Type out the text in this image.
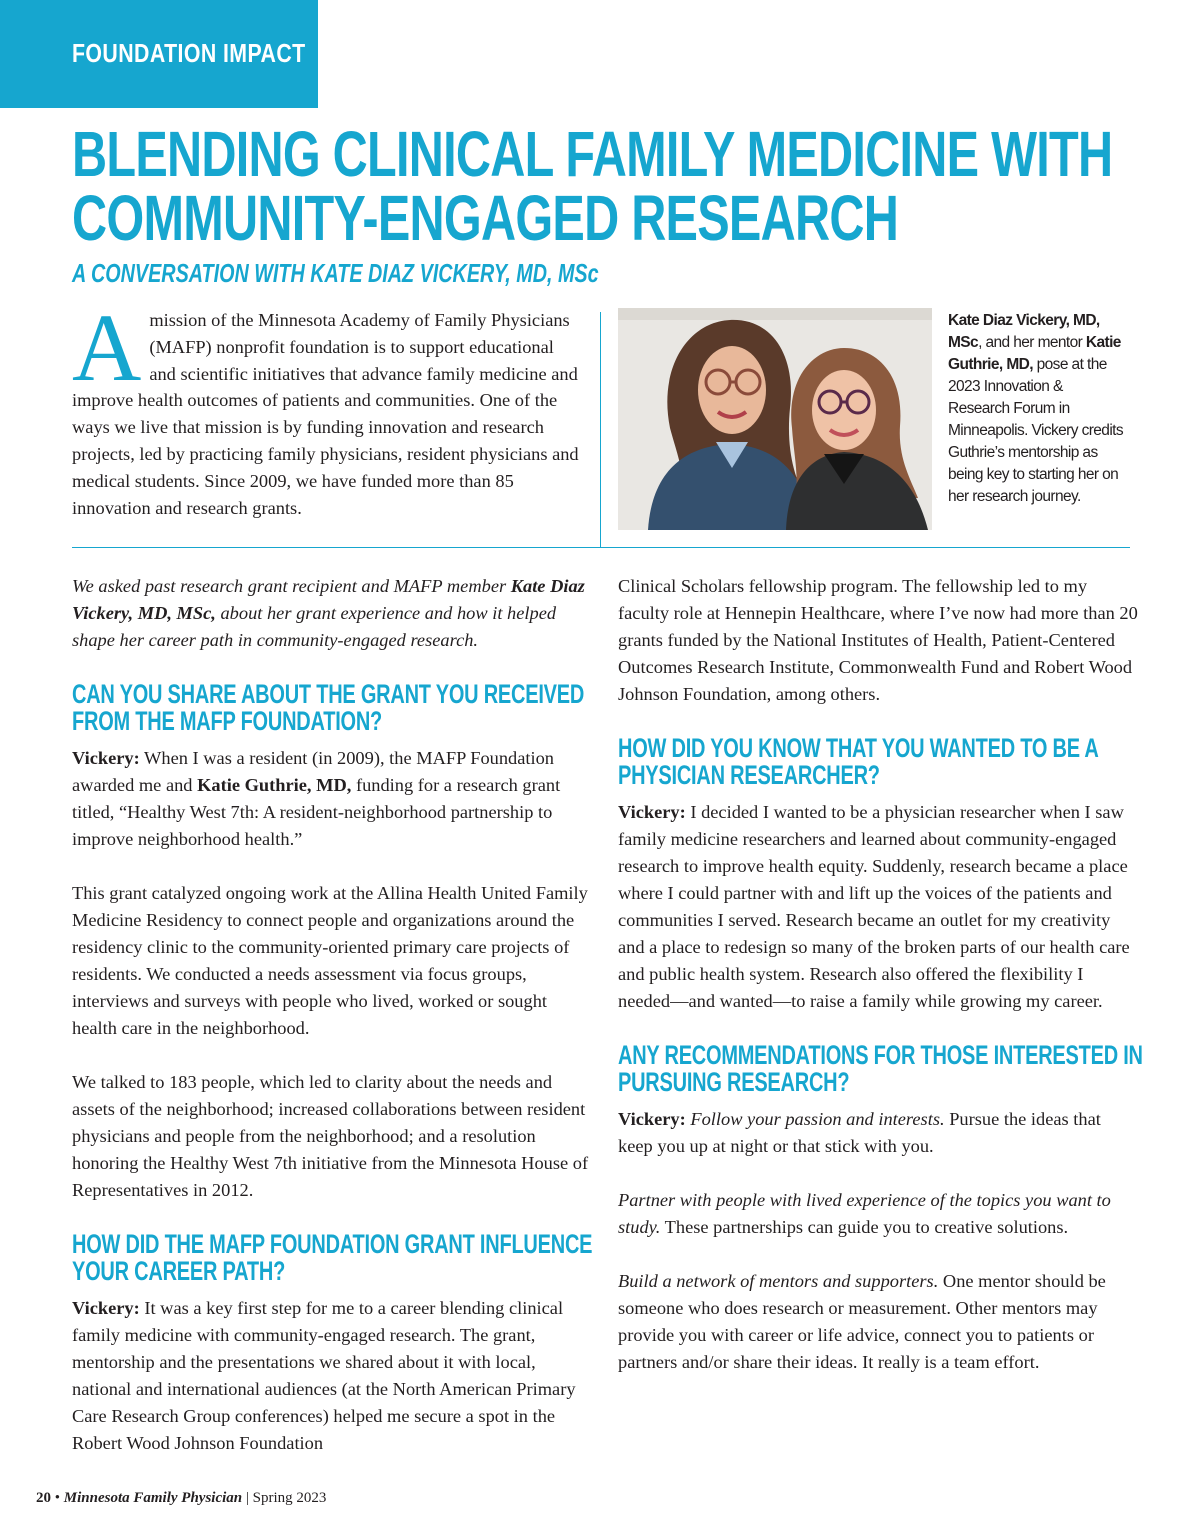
FOUNDATION IMPACT

BLENDING CLINICAL FAMILY MEDICINE WITH
COMMUNITY-ENGAGED RESEARCH

A CONVERSATION WITH KATE DIAZ VICKERY, MD, MSc

Amission of the Minnesota Academy of Family Physicians (MAFP) nonprofit foundation is to support educational and scientific initiatives that advance family medicine and improve health outcomes of patients and communities. One of the ways we live that mission is by funding innovation and research projects, led by practicing family physicians, resident physicians and medical students. Since 2009, we have funded more than 85 innovation and research grants.

Kate Diaz Vickery, MD, MSc, and her mentor Katie Guthrie, MD, pose at the 2023 Innovation & Research Forum in Minneapolis. Vickery credits Guthrie’s mentorship as being key to starting her on her research journey.

We asked past research grant recipient and MAFP member Kate Diaz Vickery, MD, MSc, about her grant experience and how it helped shape her career path in community-engaged research.

CAN YOU SHARE ABOUT THE GRANT YOU RECEIVED FROM THE MAFP FOUNDATION?

Vickery: When I was a resident (in 2009), the MAFP Foundation awarded me and Katie Guthrie, MD, funding for a research grant titled, “Healthy West 7th: A resident-neighborhood partnership to improve neighborhood health.”

This grant catalyzed ongoing work at the Allina Health United Family Medicine Residency to connect people and organizations around the residency clinic to the community-oriented primary care projects of residents. We conducted a needs assessment via focus groups, interviews and surveys with people who lived, worked or sought health care in the neighborhood.

We talked to 183 people, which led to clarity about the needs and assets of the neighborhood; increased collaborations between resident physicians and people from the neighborhood; and a resolution honoring the Healthy West 7th initiative from the Minnesota House of Representatives in 2012.

HOW DID THE MAFP FOUNDATION GRANT INFLUENCE YOUR CAREER PATH?

Vickery: It was a key first step for me to a career blending clinical family medicine with community-engaged research. The grant, mentorship and the presentations we shared about it with local, national and international audiences (at the North American Primary Care Research Group conferences) helped me secure a spot in the Robert Wood Johnson Foundation

Clinical Scholars fellowship program. The fellowship led to my faculty role at Hennepin Healthcare, where I’ve now had more than 20 grants funded by the National Institutes of Health, Patient-Centered Outcomes Research Institute, Commonwealth Fund and Robert Wood Johnson Foundation, among others.

HOW DID YOU KNOW THAT YOU WANTED TO BE A PHYSICIAN RESEARCHER?

Vickery: I decided I wanted to be a physician researcher when I saw family medicine researchers and learned about community-engaged research to improve health equity. Suddenly, research became a place where I could partner with and lift up the voices of the patients and communities I served. Research became an outlet for my creativity and a place to redesign so many of the broken parts of our health care and public health system. Research also offered the flexibility I needed—and wanted—to raise a family while growing my career.

ANY RECOMMENDATIONS FOR THOSE INTERESTED IN PURSUING RESEARCH?

Vickery: Follow your passion and interests. Pursue the ideas that keep you up at night or that stick with you.

Partner with people with lived experience of the topics you want to study. These partnerships can guide you to creative solutions.

Build a network of mentors and supporters. One mentor should be someone who does research or measurement. Other mentors may provide you with career or life advice, connect you to patients or partners and/or share their ideas. It really is a team effort.

20 • Minnesota Family Physician | Spring 2023
